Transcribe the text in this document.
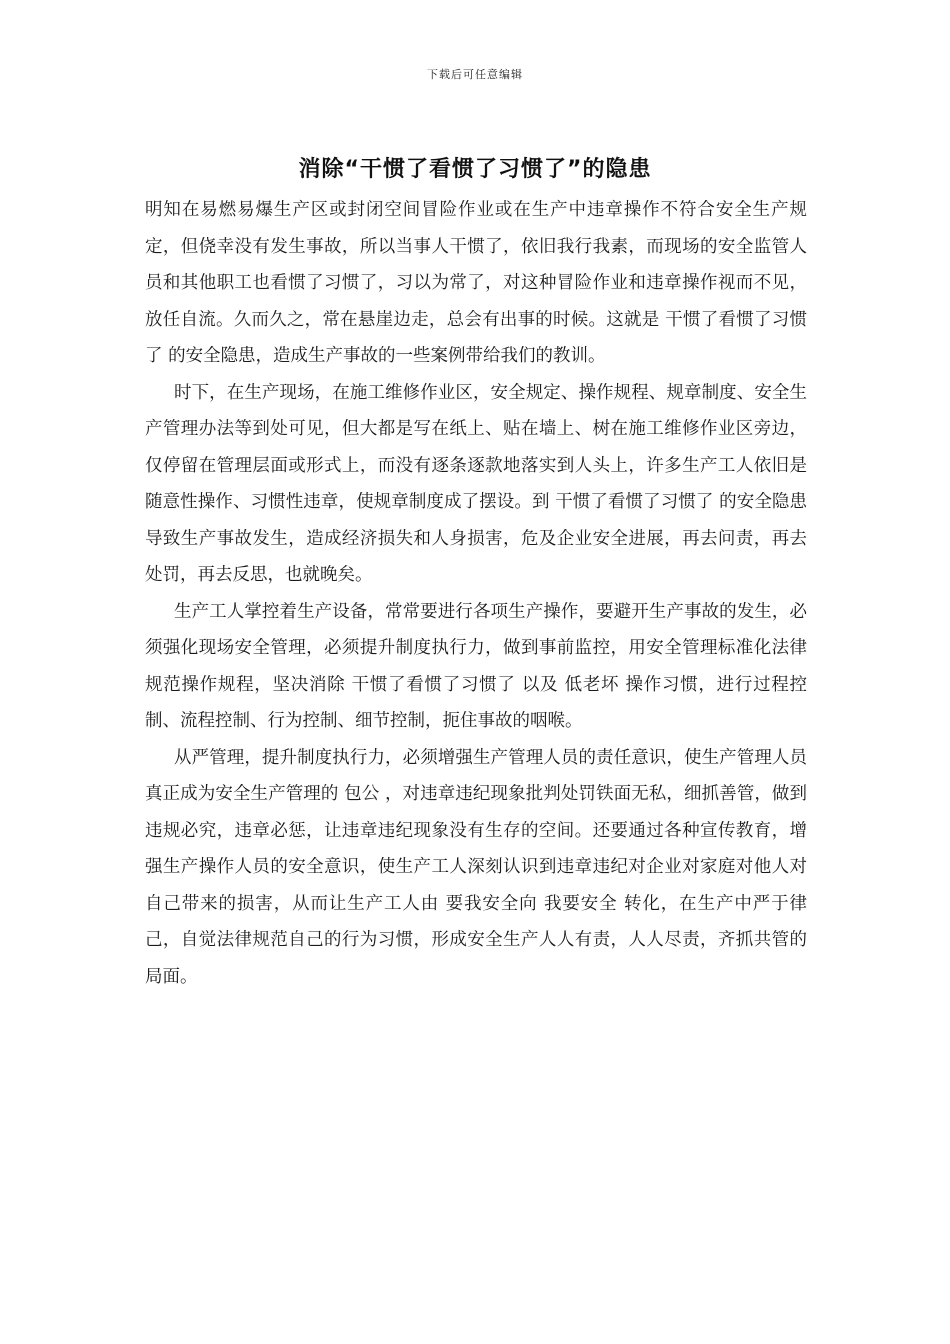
下载后可任意编辑
消除“干惯了看惯了习惯了”的隐患

明知在易燃易爆生产区或封闭空间冒险作业或在生产中违章操作不符合安全生产规定，但侥幸没有发生事故，所以当事人干惯了，依旧我行我素，而现场的安全监管人员和其他职工也看惯了习惯了，习以为常了，对这种冒险作业和违章操作视而不见，放任自流。久而久之，常在悬崖边走，总会有出事的时候。这就是 干惯了看惯了习惯了 的安全隐患，造成生产事故的一些案例带给我们的教训。

时下，在生产现场，在施工维修作业区，安全规定、操作规程、规章制度、安全生产管理办法等到处可见，但大都是写在纸上、贴在墙上、树在施工维修作业区旁边，仅停留在管理层面或形式上，而没有逐条逐款地落实到人头上，许多生产工人依旧是随意性操作、习惯性违章，使规章制度成了摆设。到 干惯了看惯了习惯了 的安全隐患导致生产事故发生，造成经济损失和人身损害，危及企业安全进展，再去问责，再去处罚，再去反思，也就晚矣。

生产工人掌控着生产设备，常常要进行各项生产操作，要避开生产事故的发生，必须强化现场安全管理，必须提升制度执行力，做到事前监控，用安全管理标准化法律规范操作规程，坚决消除 干惯了看惯了习惯了 以及 低老坏 操作习惯，进行过程控制、流程控制、行为控制、细节控制，扼住事故的咽喉。

从严管理，提升制度执行力，必须增强生产管理人员的责任意识，使生产管理人员真正成为安全生产管理的 包公 ，对违章违纪现象批判处罚铁面无私，细抓善管，做到违规必究，违章必惩，让违章违纪现象没有生存的空间。还要通过各种宣传教育，增强生产操作人员的安全意识，使生产工人深刻认识到违章违纪对企业对家庭对他人对自己带来的损害，从而让生产工人由 要我安全向 我要安全 转化，在生产中严于律己，自觉法律规范自己的行为习惯，形成安全生产人人有责，人人尽责，齐抓共管的局面。
